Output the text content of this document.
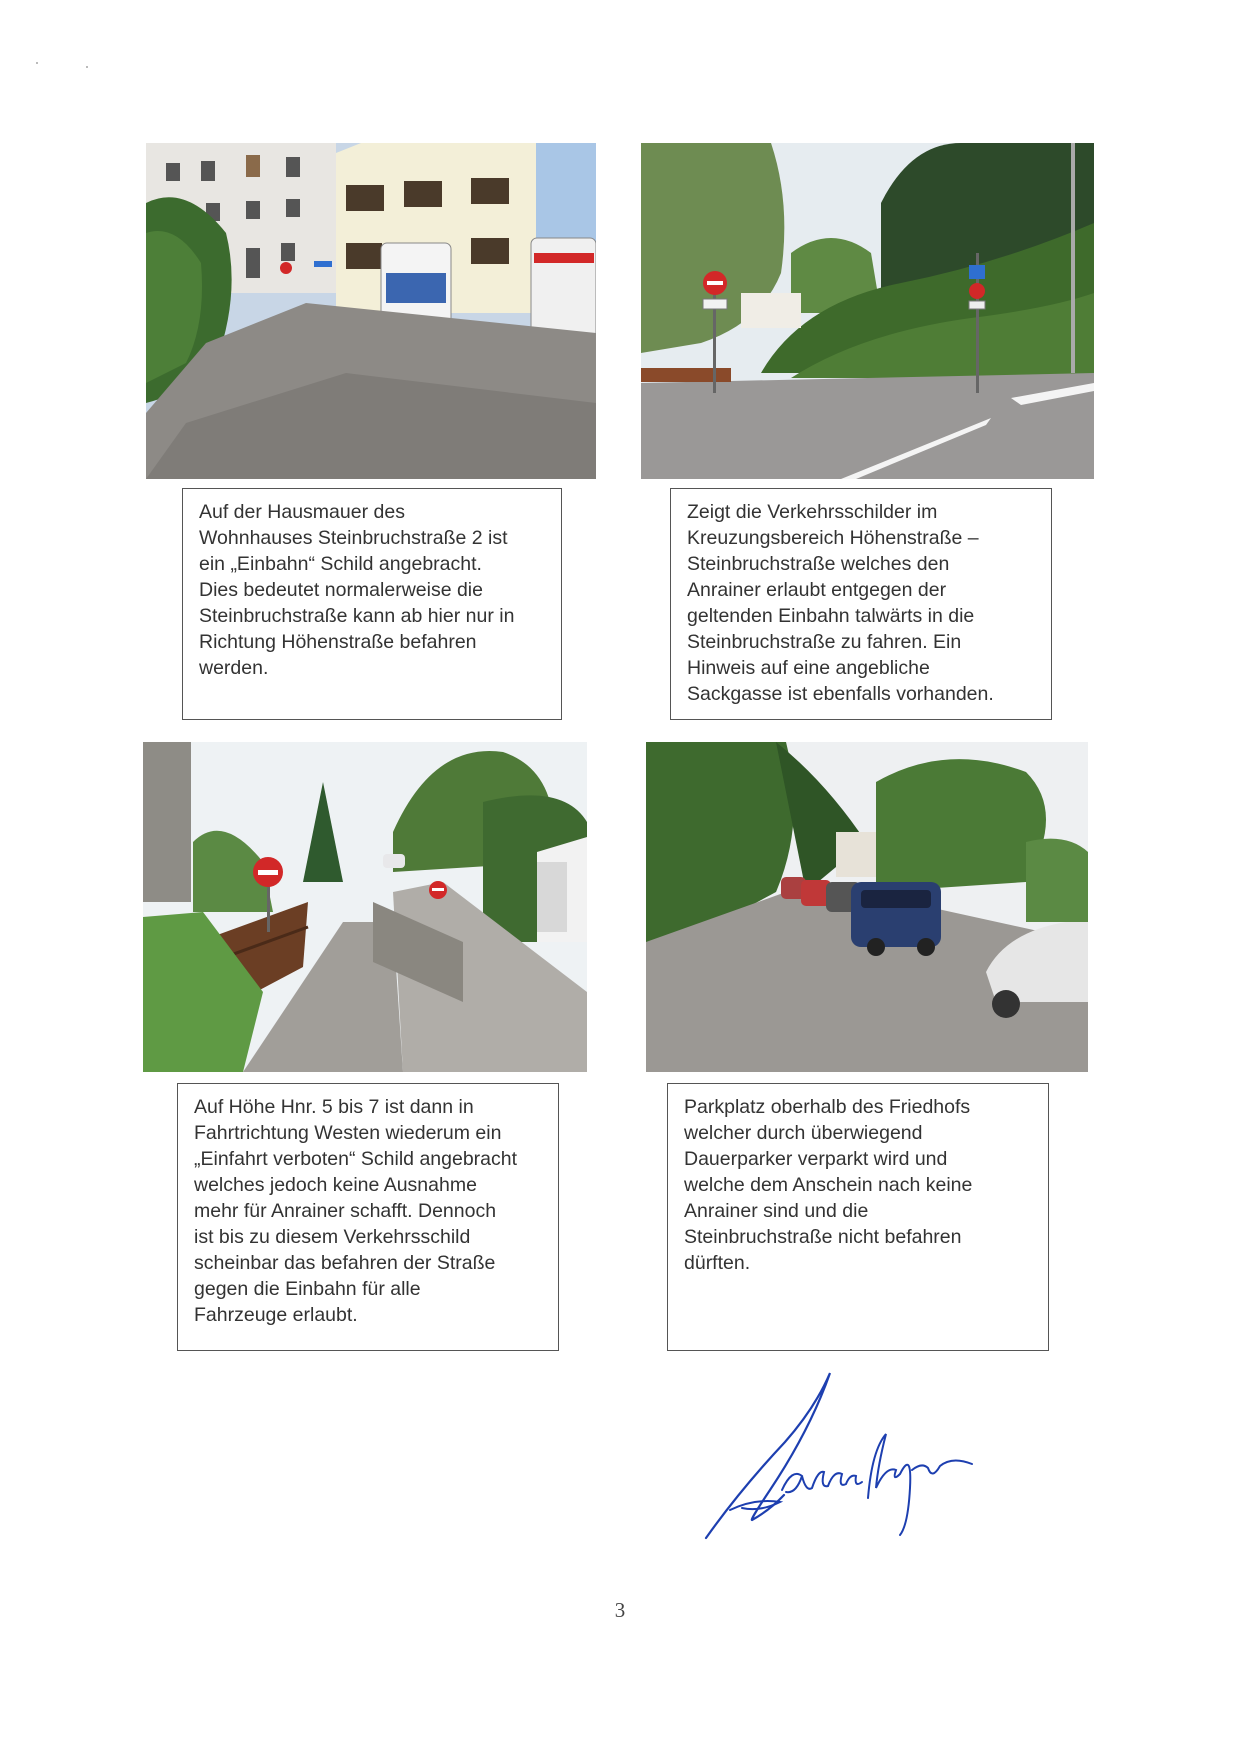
Auf der Hausmauer des
Wohnhauses Steinbruchstraße 2 ist
ein „Einbahn“ Schild angebracht.
Dies bedeutet normalerweise die
Steinbruchstraße kann ab hier nur in
Richtung Höhenstraße befahren
werden.
Zeigt die Verkehrsschilder im
Kreuzungsbereich Höhenstraße –
Steinbruchstraße welches den
Anrainer erlaubt entgegen der
geltenden Einbahn talwärts in die
Steinbruchstraße zu fahren. Ein
Hinweis auf eine angebliche
Sackgasse ist ebenfalls vorhanden.
Auf Höhe Hnr. 5 bis 7 ist dann in
Fahrtrichtung Westen wiederum ein
„Einfahrt verboten“ Schild angebracht
welches jedoch keine Ausnahme
mehr für Anrainer schafft. Dennoch
ist bis zu diesem Verkehrsschild
scheinbar das befahren der Straße
gegen die Einbahn für alle
Fahrzeuge erlaubt.
Parkplatz oberhalb des Friedhofs
welcher durch überwiegend
Dauerparker verparkt wird und
welche dem Anschein nach keine
Anrainer sind und die
Steinbruchstraße nicht befahren
dürften.
3
